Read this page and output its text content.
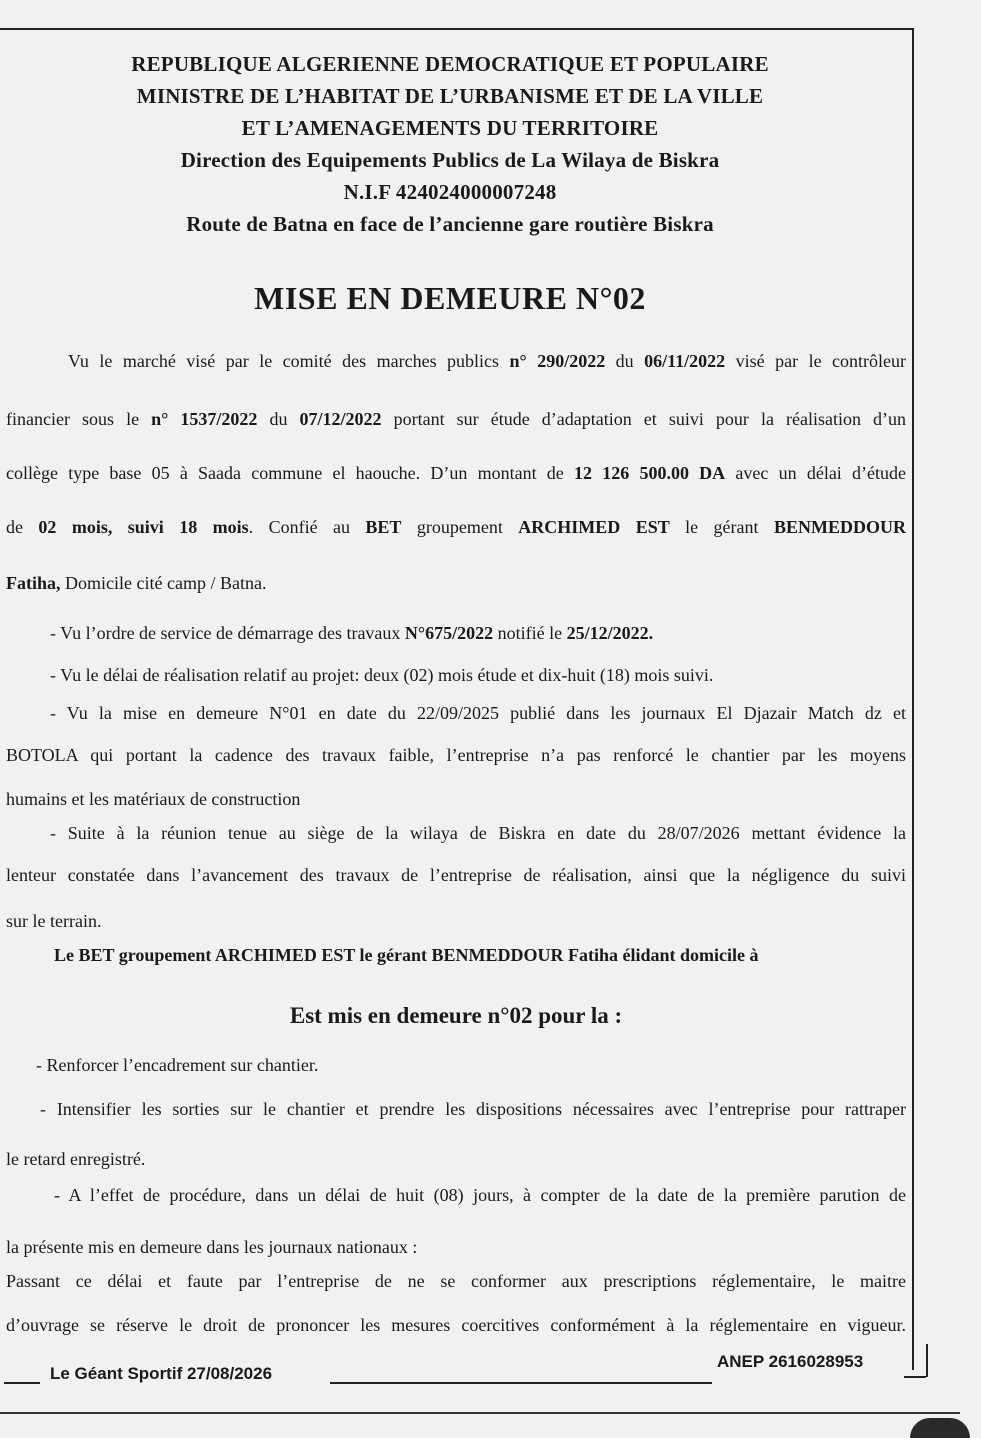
REPUBLIQUE ALGERIENNE DEMOCRATIQUE ET POPULAIRE
MINISTRE DE L’HABITAT DE L’URBANISME ET DE LA VILLE
ET L’AMENAGEMENTS DU TERRITOIRE
Direction des Equipements Publics de La Wilaya de Biskra
N.I.F 424024000007248
Route de Batna en face de l’ancienne gare routière Biskra
MISE EN DEMEURE N°02
Vu le marché visé par le comité des marches publics n° 290/2022 du 06/11/2022 visé par le contrôleur
financier sous le n° 1537/2022 du 07/12/2022 portant sur étude d’adaptation et suivi pour la réalisation d’un
collège type base 05 à Saada commune el haouche. D’un montant de 12 126 500.00 DA avec un délai d’étude
de 02 mois, suivi 18 mois. Confié au BET groupement ARCHIMED EST le gérant BENMEDDOUR
Fatiha, Domicile cité camp / Batna.
- Vu l’ordre de service de démarrage des travaux N°675/2022 notifié le 25/12/2022.
- Vu le délai de réalisation relatif au projet: deux (02) mois étude et dix-huit (18) mois suivi.
- Vu la mise en demeure N°01 en date du 22/09/2025 publié dans les journaux El Djazair Match dz et
BOTOLA qui portant la cadence des travaux faible, l’entreprise n’a pas renforcé le chantier par les moyens
humains et les matériaux de construction
- Suite à la réunion tenue au siège de la wilaya de Biskra en date du 28/07/2026 mettant évidence la
lenteur constatée dans l’avancement des travaux de l’entreprise de réalisation, ainsi que la négligence du suivi
sur le terrain.
Le BET groupement ARCHIMED EST le gérant BENMEDDOUR Fatiha élidant domicile à
Est mis en demeure n°02 pour la :
- Renforcer l’encadrement sur chantier.
- Intensifier les sorties sur le chantier et prendre les dispositions nécessaires avec l’entreprise pour rattraper
le retard enregistré.
- A l’effet de procédure, dans un délai de huit (08) jours, à compter de la date de la première parution de
la présente mis en demeure dans les journaux nationaux :
Passant ce délai et faute par l’entreprise de ne se conformer aux prescriptions réglementaire, le maitre
d’ouvrage se réserve le droit de prononcer les mesures coercitives conformément à la réglementaire en vigueur.
Le Géant Sportif 27/08/2026
ANEP 2616028953
